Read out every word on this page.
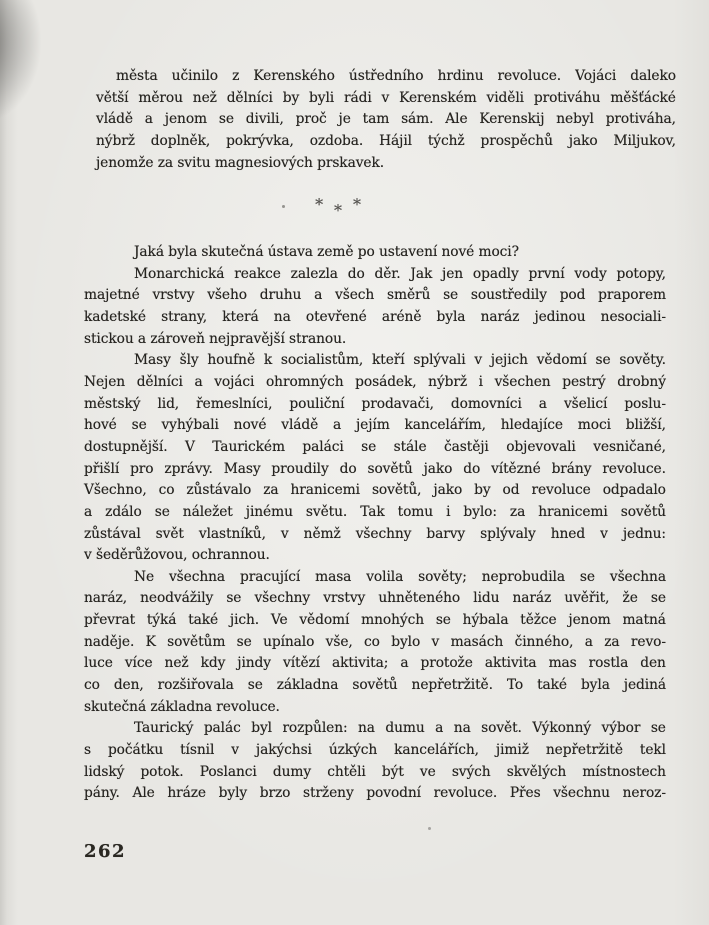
města učinilo z Kerenského ústředního hrdinu revoluce. Vojáci daleko
větší měrou než dělníci by byli rádi v Kerenském viděli protiváhu měšťácké
vládě a jenom se divili, proč je tam sám. Ale Kerenskij nebyl protiváha,
nýbrž doplněk, pokrývka, ozdoba. Hájil týchž prospěchů jako Miljukov,
jenomže za svitu magnesiových prskavek.
* * *
Jaká byla skutečná ústava země po ustavení nové moci?
Monarchická reakce zalezla do děr. Jak jen opadly první vody potopy,
majetné vrstvy všeho druhu a všech směrů se soustředily pod praporem
kadetské strany, která na otevřené aréně byla naráz jedinou nesociali-
stickou a zároveň nejpravější stranou.
Masy šly houfně k socialistům, kteří splývali v jejich vědomí se sověty.
Nejen dělníci a vojáci ohromných posádek, nýbrž i všechen pestrý drobný
městský lid, řemeslníci, pouliční prodavači, domovníci a všelicí poslu-
hové se vyhýbali nové vládě a jejím kancelářím, hledajíce moci bližší,
dostupnější. V Taurickém paláci se stále častěji objevovali vesničané,
přišlí pro zprávy. Masy proudily do sovětů jako do vítězné brány revoluce.
Všechno, co zůstávalo za hranicemi sovětů, jako by od revoluce odpadalo
a zdálo se náležet jinému světu. Tak tomu i bylo: za hranicemi sovětů
zůstával svět vlastníků, v němž všechny barvy splývaly hned v jednu:
v šeděrůžovou, ochrannou.
Ne všechna pracující masa volila sověty; neprobudila se všechna
naráz, neodvážily se všechny vrstvy uhněteného lidu naráz uvěřit, že se
převrat týká také jich. Ve vědomí mnohých se hýbala těžce jenom matná
naděje. K sovětům se upínalo vše, co bylo v masách činného, a za revo-
luce více než kdy jindy vítězí aktivita; a protože aktivita mas rostla den
co den, rozšiřovala se základna sovětů nepřetržitě. To také byla jediná
skutečná základna revoluce.
Taurický palác byl rozpůlen: na dumu a na sovět. Výkonný výbor se
s počátku tísnil v jakýchsi úzkých kancelářích, jimiž nepřetržitě tekl
lidský potok. Poslanci dumy chtěli být ve svých skvělých místnostech
pány. Ale hráze byly brzo strženy povodní revoluce. Přes všechnu neroz-
262
